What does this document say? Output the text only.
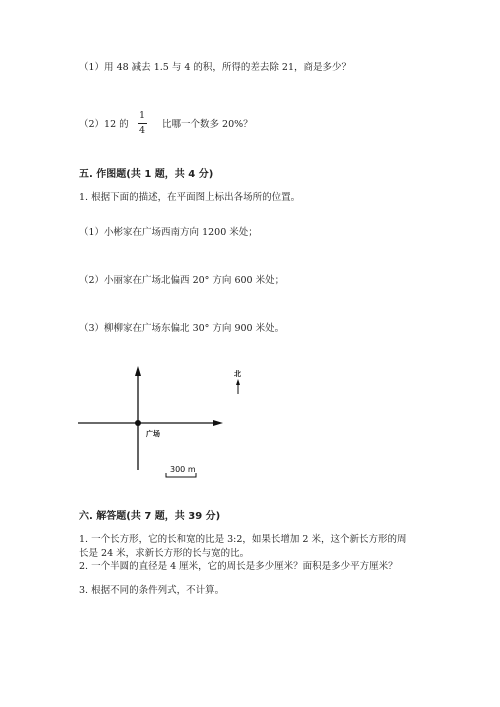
（1）用 48 减去 1.5 与 4 的积，所得的差去除 21，商是多少？
（2）12 的
1
4
比哪一个数多 20%？
五. 作图题(共 1 题，共 4 分)
1. 根据下面的描述，在平面图上标出各场所的位置。
（1）小彬家在广场西南方向 1200 米处；
（2）小丽家在广场北偏西 20° 方向 600 米处；
（3）柳柳家在广场东偏北 30° 方向 900 米处。
广场
北
300 m
六. 解答题(共 7 题，共 39 分)
1. 一个长方形，它的长和宽的比是 3:2，如果长增加 2 米，这个新长方形的周
长是 24 米，求新长方形的长与宽的比。
2. 一个半圆的直径是 4 厘米，它的周长是多少厘米？面积是多少平方厘米？
3. 根据不同的条件列式，不计算。
